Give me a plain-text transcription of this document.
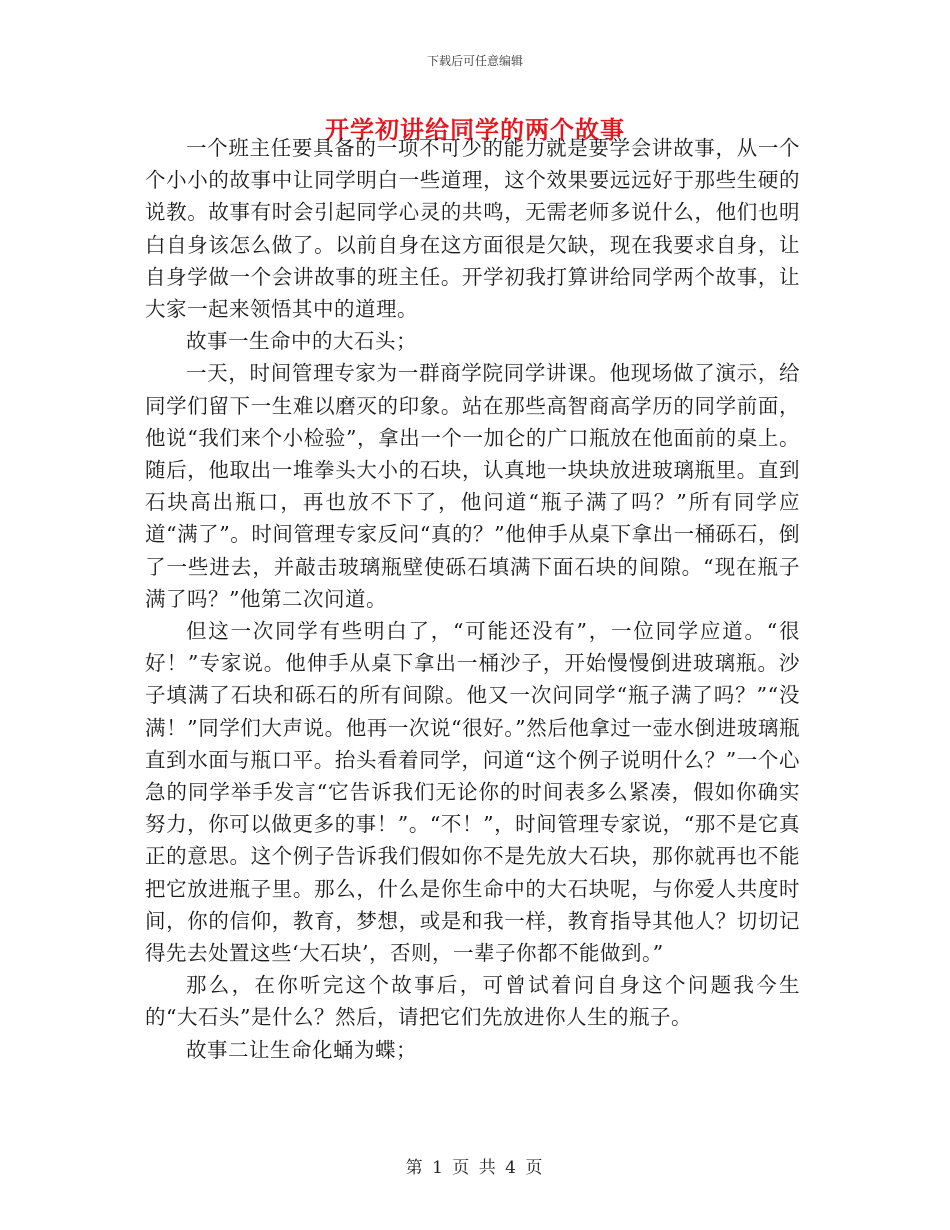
下载后可任意编辑
开学初讲给同学的两个故事

一个班主任要具备的一项不可少的能力就是要学会讲故事，从一个个小小的故事中让同学明白一些道理，这个效果要远远好于那些生硬的说教。故事有时会引起同学心灵的共鸣，无需老师多说什么，他们也明白自身该怎么做了。以前自身在这方面很是欠缺，现在我要求自身，让自身学做一个会讲故事的班主任。开学初我打算讲给同学两个故事，让大家一起来领悟其中的道理。

故事一生命中的大石头；

一天，时间管理专家为一群商学院同学讲课。他现场做了演示，给同学们留下一生难以磨灭的印象。站在那些高智商高学历的同学前面，他说“我们来个小检验”，拿出一个一加仑的广口瓶放在他面前的桌上。随后，他取出一堆拳头大小的石块，认真地一块块放进玻璃瓶里。直到石块高出瓶口，再也放不下了，他问道“瓶子满了吗？”所有同学应道“满了”。时间管理专家反问“真的？”他伸手从桌下拿出一桶砾石，倒了一些进去，并敲击玻璃瓶壁使砾石填满下面石块的间隙。“现在瓶子满了吗？”他第二次问道。

但这一次同学有些明白了，“可能还没有”，一位同学应道。“很好！”专家说。他伸手从桌下拿出一桶沙子，开始慢慢倒进玻璃瓶。沙子填满了石块和砾石的所有间隙。他又一次问同学“瓶子满了吗？”“没满！”同学们大声说。他再一次说“很好。”然后他拿过一壶水倒进玻璃瓶直到水面与瓶口平。抬头看着同学，问道“这个例子说明什么？”一个心急的同学举手发言“它告诉我们无论你的时间表多么紧凑，假如你确实努力，你可以做更多的事！”。“不！”，时间管理专家说，“那不是它真正的意思。这个例子告诉我们假如你不是先放大石块，那你就再也不能把它放进瓶子里。那么，什么是你生命中的大石块呢，与你爱人共度时间，你的信仰，教育，梦想，或是和我一样，教育指导其他人？切切记得先去处置这些‘大石块’，否则，一辈子你都不能做到。”

那么，在你听完这个故事后，可曾试着问自身这个问题我今生的“大石头”是什么？然后，请把它们先放进你人生的瓶子。

故事二让生命化蛹为蝶；

第 1 页 共 4 页
